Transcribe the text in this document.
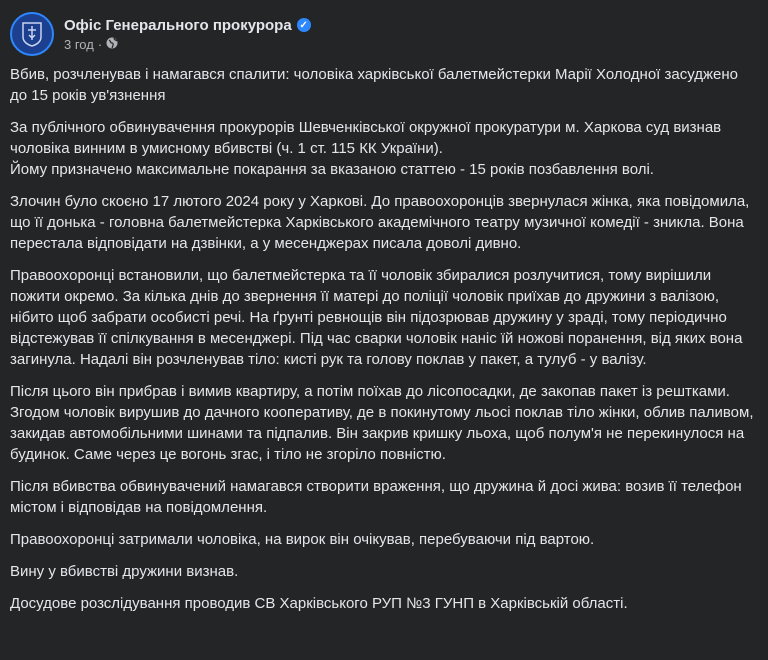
Офіс Генерального прокурора ✓
3 год ·

Вбив, розчленував і намагався спалити: чоловіка харківської балетмейстерки Марії Холодної засуджено до 15 років ув'язнення

За публічного обвинувачення прокурорів Шевченківської окружної прокуратури м. Харкова суд визнав чоловіка винним в умисному вбивстві (ч. 1 ст. 115 КК України).
Йому призначено максимальне покарання за вказаною статтею - 15 років позбавлення волі.

Злочин було скоєно 17 лютого 2024 року у Харкові. До правоохоронців звернулася жінка, яка повідомила, що її донька - головна балетмейстерка Харківського академічного театру музичної комедії - зникла. Вона перестала відповідати на дзвінки, а у месенджерах писала доволі дивно.

Правоохоронці встановили, що балетмейстерка та її чоловік збиралися розлучитися, тому вирішили пожити окремо. За кілька днів до звернення її матері до поліції чоловік приїхав до дружини з валізою, нібито щоб забрати особисті речі. На ґрунті ревнощів він підозрював дружину у зраді, тому періодично відстежував її спілкування в месенджері. Під час сварки чоловік наніс їй ножові поранення, від яких вона загинула. Надалі він розчленував тіло: кисті рук та голову поклав у пакет, а тулуб - у валізу.

Після цього він прибрав і вимив квартиру, а потім поїхав до лісопосадки, де закопав пакет із рештками. Згодом чоловік вирушив до дачного кооперативу, де в покинутому льосі поклав тіло жінки, облив паливом, закидав автомобільними шинами та підпалив. Він закрив кришку льоха, щоб полум'я не перекинулося на будинок. Саме через це вогонь згас, і тіло не згоріло повністю.

Після вбивства обвинувачений намагався створити враження, що дружина й досі жива: возив її телефон містом і відповідав на повідомлення.

Правоохоронці затримали чоловіка, на вирок він очікував, перебуваючи під вартою.

Вину у вбивстві дружини визнав.

Досудове розслідування проводив СВ Харківського РУП №3 ГУНП в Харківській області.
